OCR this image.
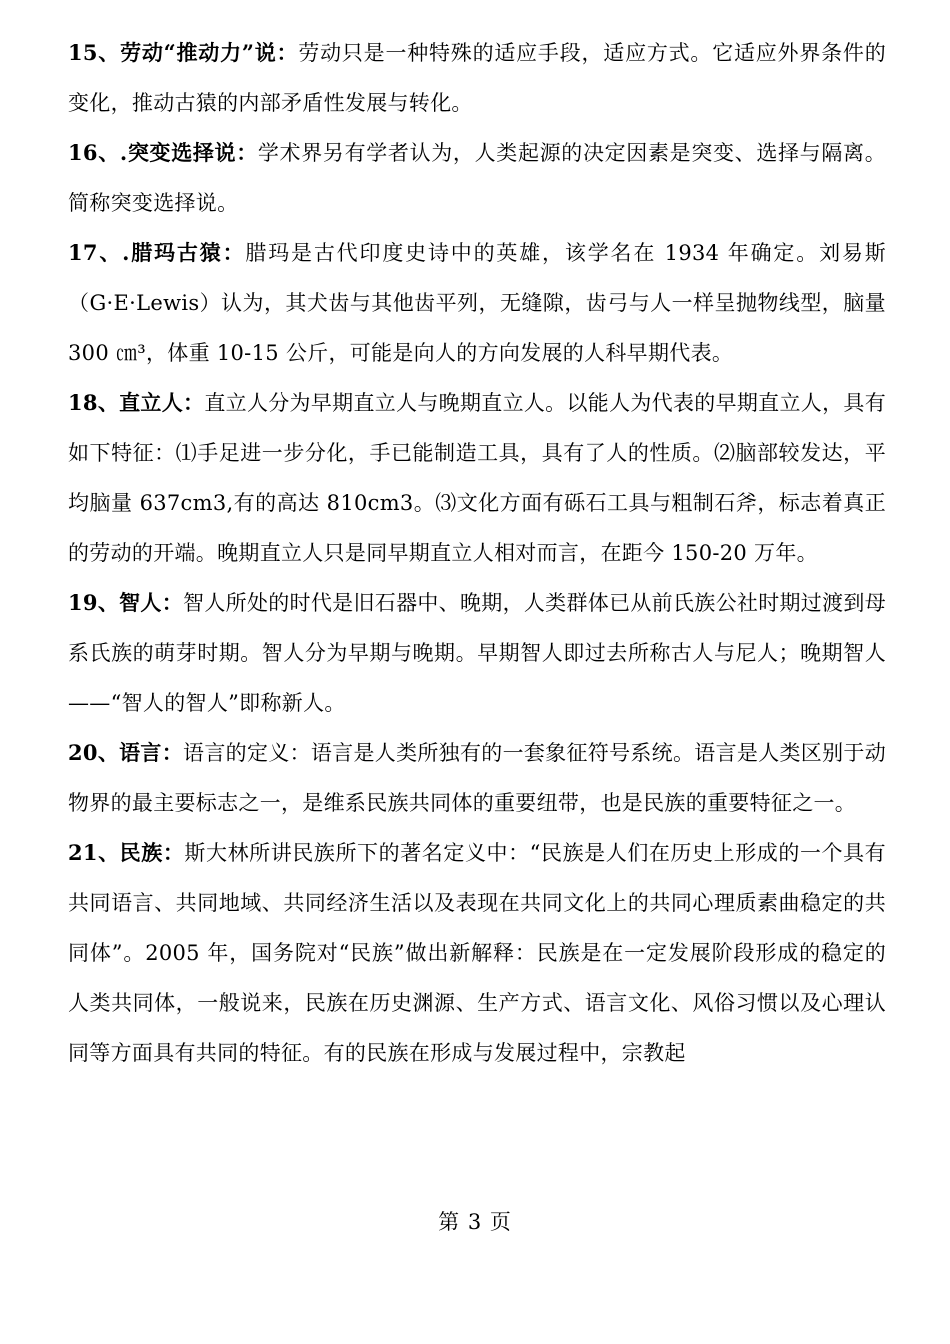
15、劳动“推动力”说：劳动只是一种特殊的适应手段，适应方式。它适应外界条件的变化，推动古猿的内部矛盾性发展与转化。

16、.突变选择说：学术界另有学者认为，人类起源的决定因素是突变、选择与隔离。简称突变选择说。

17、.腊玛古猿：腊玛是古代印度史诗中的英雄，该学名在 1934 年确定。刘易斯（G·E·Lewis）认为，其犬齿与其他齿平列，无缝隙，齿弓与人一样呈抛物线型，脑量 300 ㎝³，体重 10-15 公斤，可能是向人的方向发展的人科早期代表。

18、直立人：直立人分为早期直立人与晚期直立人。以能人为代表的早期直立人，具有如下特征：⑴手足进一步分化，手已能制造工具，具有了人的性质。⑵脑部较发达，平均脑量 637cm3,有的高达 810cm3。⑶文化方面有砾石工具与粗制石斧，标志着真正的劳动的开端。晚期直立人只是同早期直立人相对而言，在距今 150-20 万年。

19、智人：智人所处的时代是旧石器中、晚期，人类群体已从前氏族公社时期过渡到母系氏族的萌芽时期。智人分为早期与晚期。早期智人即过去所称古人与尼人；晚期智人——“智人的智人”即称新人。

20、语言：语言的定义：语言是人类所独有的一套象征符号系统。语言是人类区别于动物界的最主要标志之一，是维系民族共同体的重要纽带，也是民族的重要特征之一。

21、民族：斯大林所讲民族所下的著名定义中：“民族是人们在历史上形成的一个具有共同语言、共同地域、共同经济生活以及表现在共同文化上的共同心理质素曲稳定的共同体”。2005 年，国务院对“民族”做出新解释：民族是在一定发展阶段形成的稳定的人类共同体，一般说来，民族在历史渊源、生产方式、语言文化、风俗习惯以及心理认同等方面具有共同的特征。有的民族在形成与发展过程中，宗教起

第 3 页
